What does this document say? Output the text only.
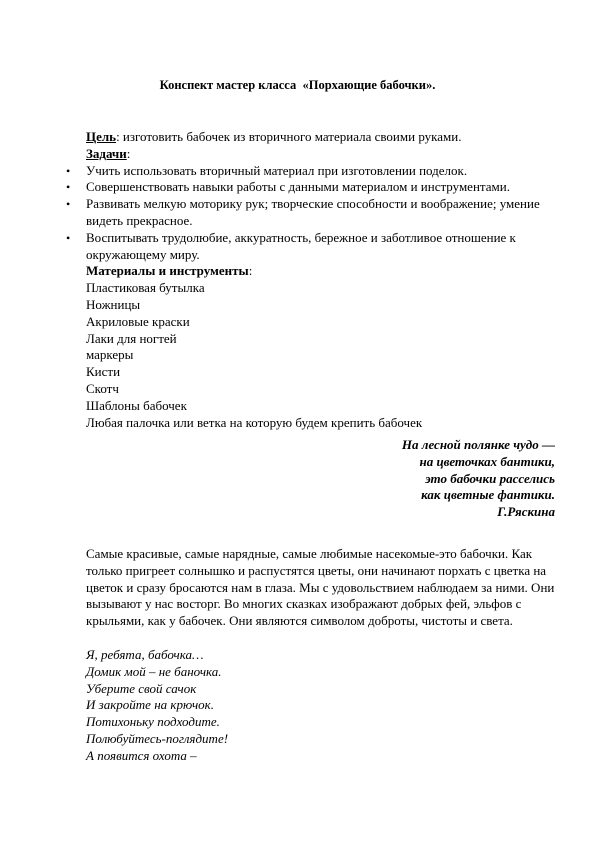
Конспект мастер класса  «Порхающие бабочки».
Цель: изготовить бабочек из вторичного материала своими руками.
Задачи:
•	Учить использовать вторичный материал при изготовлении поделок.
•	Совершенствовать навыки работы с данными материалом и инструментами.
•	Развивать мелкую моторику рук; творческие способности и воображение; умение видеть прекрасное.
•	Воспитывать трудолюбие, аккуратность, бережное и заботливое отношение к окружающему миру.
Материалы и инструменты:
Пластиковая бутылка
Ножницы
Акриловые краски
Лаки для ногтей
маркеры
Кисти
Скотч
Шаблоны бабочек
Любая палочка или ветка на которую будем крепить бабочек
На лесной полянке чудо —
на цветочках бантики,
это бабочки расселись
как цветные фантики.
Г.Ряскина
Самые красивые, самые нарядные, самые любимые насекомые-это бабочки. Как только пригреет солнышко и распустятся цветы, они начинают порхать с цветка на цветок и сразу бросаются нам в глаза. Мы с удовольствием наблюдаем за ними. Они вызывают у нас восторг. Во многих сказках изображают добрых фей, эльфов с крыльями, как у бабочек. Они являются символом доброты, чистоты и света.
Я, ребята, бабочка…
Домик мой – не баночка.
Уберите свой сачок
И закройте на крючок.
Потихоньку подходите.
Полюбуйтесь-поглядите!
А появится охота –
